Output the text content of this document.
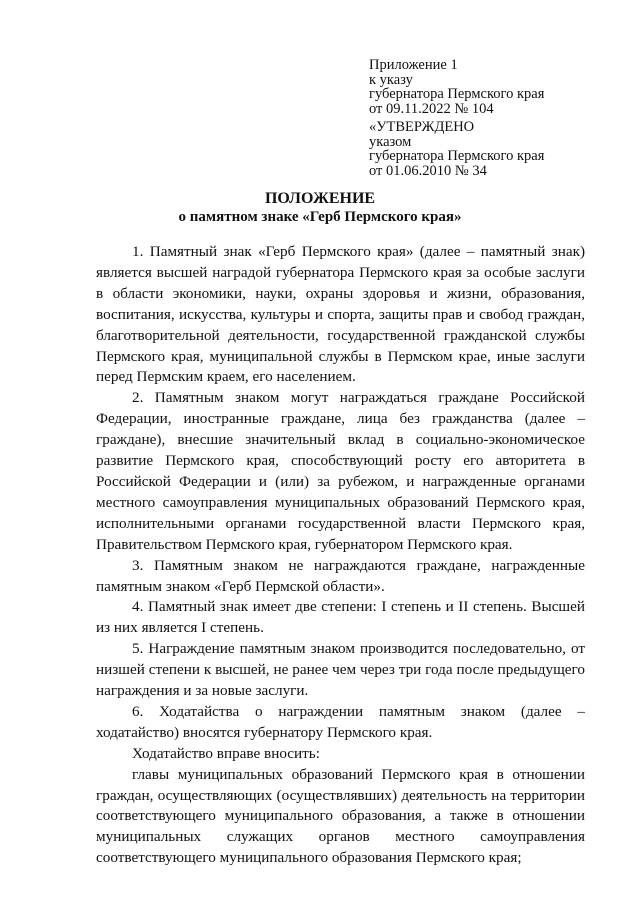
Приложение 1
к указу
губернатора Пермского края
от 09.11.2022 № 104
«УТВЕРЖДЕНО
указом
губернатора Пермского края
от 01.06.2010 № 34
ПОЛОЖЕНИЕ
о памятном знаке «Герб Пермского края»

1. Памятный знак «Герб Пермского края» (далее – памятный знак) является высшей наградой губернатора Пермского края за особые заслуги в области экономики, науки, охраны здоровья и жизни, образования, воспитания, искусства, культуры и спорта, защиты прав и свобод граждан, благотворительной деятельности, государственной гражданской службы Пермского края, муниципальной службы в Пермском крае, иные заслуги перед Пермским краем, его населением.

2. Памятным знаком могут награждаться граждане Российской Федерации, иностранные граждане, лица без гражданства (далее – граждане), внесшие значительный вклад в социально-экономическое развитие Пермского края, способствующий росту его авторитета в Российской Федерации и (или) за рубежом, и награжденные органами местного самоуправления муниципальных образований Пермского края, исполнительными органами государственной власти Пермского края, Правительством Пермского края, губернатором Пермского края.

3. Памятным знаком не награждаются граждане, награжденные памятным знаком «Герб Пермской области».

4. Памятный знак имеет две степени: I степень и II степень. Высшей из них является I степень.

5. Награждение памятным знаком производится последовательно, от низшей степени к высшей, не ранее чем через три года после предыдущего награждения и за новые заслуги.

6. Ходатайства о награждении памятным знаком (далее – ходатайство) вносятся губернатору Пермского края.

Ходатайство вправе вносить:

главы муниципальных образований Пермского края в отношении граждан, осуществляющих (осуществлявших) деятельность на территории соответствующего муниципального образования, а также в отношении муниципальных служащих органов местного самоуправления соответствующего муниципального образования Пермского края;
